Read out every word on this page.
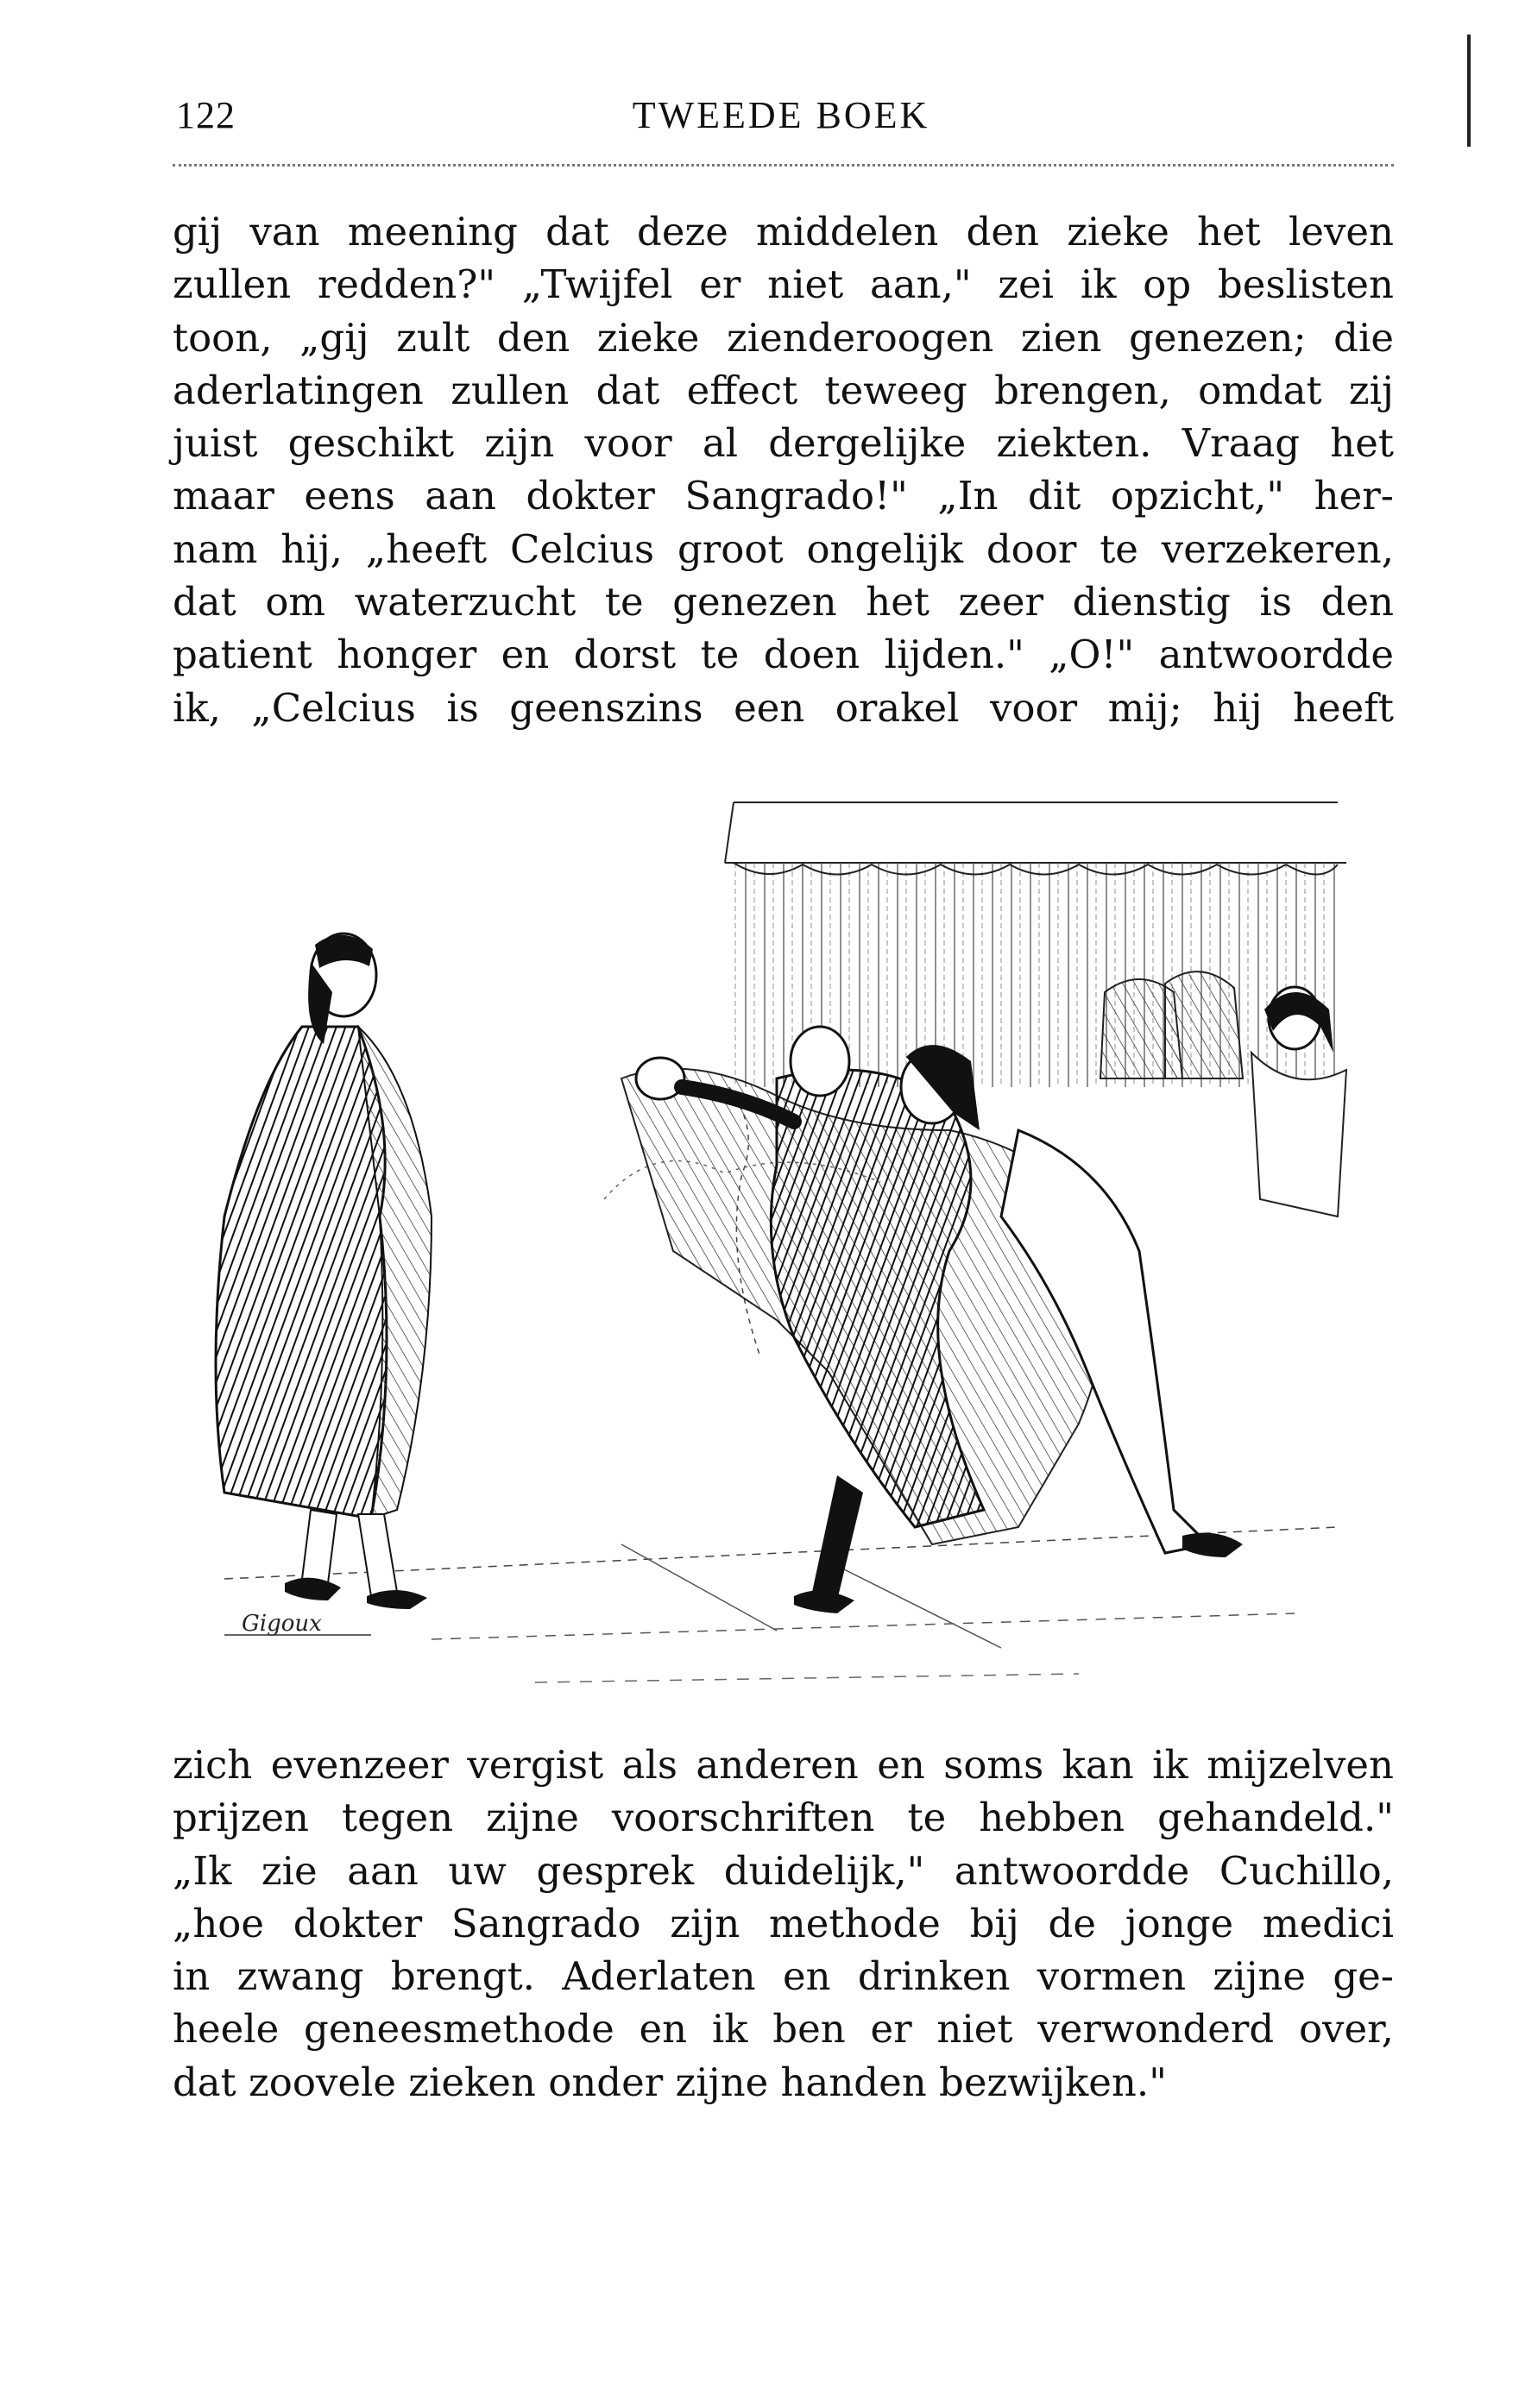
122	TWEEDE BOEK
gij van meening dat deze middelen den zieke het leven
zullen redden?" „Twijfel er niet aan," zei ik op beslisten
toon, „gij zult den zieke zienderoogen zien genezen; die
aderlatingen zullen dat effect teweeg brengen, omdat zij
juist geschikt zijn voor al dergelijke ziekten. Vraag het
maar eens aan dokter Sangrado!" „In dit opzicht," her-
nam hij, „heeft Celcius groot ongelijk door te verzekeren,
dat om waterzucht te genezen het zeer dienstig is den
patient honger en dorst te doen lijden." „O!" antwoordde
ik, „Celcius is geenszins een orakel voor mij; hij heeft
Gigoux
zich evenzeer vergist als anderen en soms kan ik mijzelven
prijzen tegen zijne voorschriften te hebben gehandeld."
„Ik zie aan uw gesprek duidelijk," antwoordde Cuchillo,
„hoe dokter Sangrado zijn methode bij de jonge medici
in zwang brengt. Aderlaten en drinken vormen zijne ge-
heele geneesmethode en ik ben er niet verwonderd over,
dat zoovele zieken onder zijne handen bezwijken."
